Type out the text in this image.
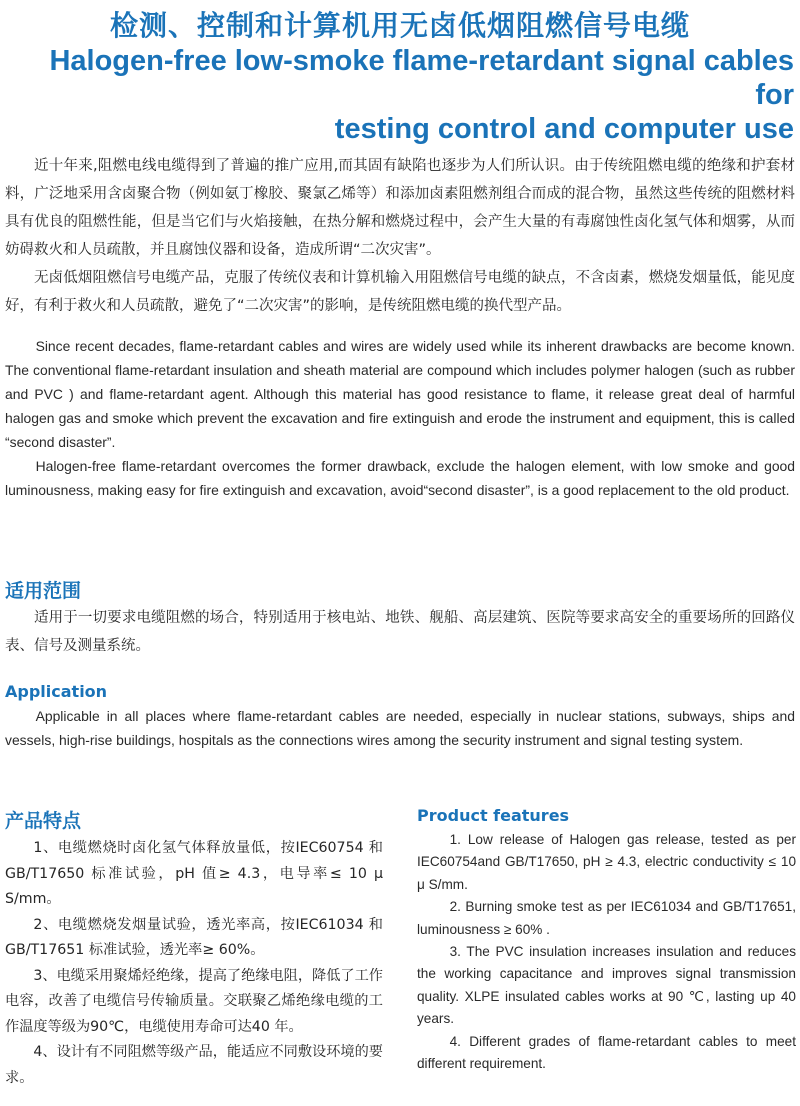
检测、控制和计算机用无卤低烟阻燃信号电缆
Halogen-free low-smoke flame-retardant signal cables for
testing control and computer use

近十年来,阻燃电线电缆得到了普遍的推广应用,而其固有缺陷也逐步为人们所认识。由于传统阻燃电缆的绝缘和护套材料，广泛地采用含卤聚合物（例如氨丁橡胶、聚氯乙烯等）和添加卤素阻燃剂组合而成的混合物，虽然这些传统的阻燃材料具有优良的阻燃性能，但是当它们与火焰接触，在热分解和燃烧过程中，会产生大量的有毒腐蚀性卤化氢气体和烟雾，从而妨碍救火和人员疏散，并且腐蚀仪器和设备，造成所谓“二次灾害”。

无卤低烟阻燃信号电缆产品，克服了传统仪表和计算机输入用阻燃信号电缆的缺点，不含卤素，燃烧发烟量低，能见度好，有利于救火和人员疏散，避免了“二次灾害”的影响，是传统阻燃电缆的换代型产品。

Since recent decades, flame-retardant cables and wires are widely used while its inherent drawbacks are become known. The conventional flame-retardant insulation and sheath material are compound which includes polymer halogen (such as rubber and PVC ) and flame-retardant agent. Although this material has good resistance to flame, it release great deal of harmful halogen gas and smoke which prevent the excavation and fire extinguish and erode the instrument and equipment, this is called “second disaster”.

Halogen-free flame-retardant overcomes the former drawback, exclude the halogen element, with low smoke and good luminousness, making easy for fire extinguish and excavation, avoid“second disaster”, is a good replacement to the old product.

适用范围

适用于一切要求电缆阻燃的场合，特别适用于核电站、地铁、舰船、高层建筑、医院等要求高安全的重要场所的回路仪表、信号及测量系统。

Application

Applicable in all places where flame-retardant cables are needed, especially in nuclear stations, subways, ships and vessels, high-rise buildings, hospitals as the connections wires among the security instrument and signal testing system.

产品特点

1、电缆燃烧时卤化氢气体释放量低，按IEC60754 和 GB/T17650 标准试验，pH 值≥ 4.3，电导率≤ 10 μ S/mm。

2、电缆燃烧发烟量试验，透光率高，按IEC61034 和 GB/T17651 标准试验，透光率≥ 60%。

3、电缆采用聚烯烃绝缘，提高了绝缘电阻，降低了工作电容，改善了电缆信号传输质量。交联聚乙烯绝缘电缆的工作温度等级为90℃，电缆使用寿命可达40 年。

4、设计有不同阻燃等级产品，能适应不同敷设环境的要求。

Product features

1. Low release of Halogen gas release, tested as per IEC60754and GB/T17650, pH ≥ 4.3, electric conductivity ≤ 10 μ S/mm.

2. Burning smoke test as per IEC61034 and GB/T17651, luminousness ≥ 60% .

3. The PVC insulation increases insulation and reduces the working capacitance and improves signal transmission quality. XLPE insulated cables works at 90 ℃, lasting up 40 years.

4. Different grades of flame-retardant cables to meet different requirement.
